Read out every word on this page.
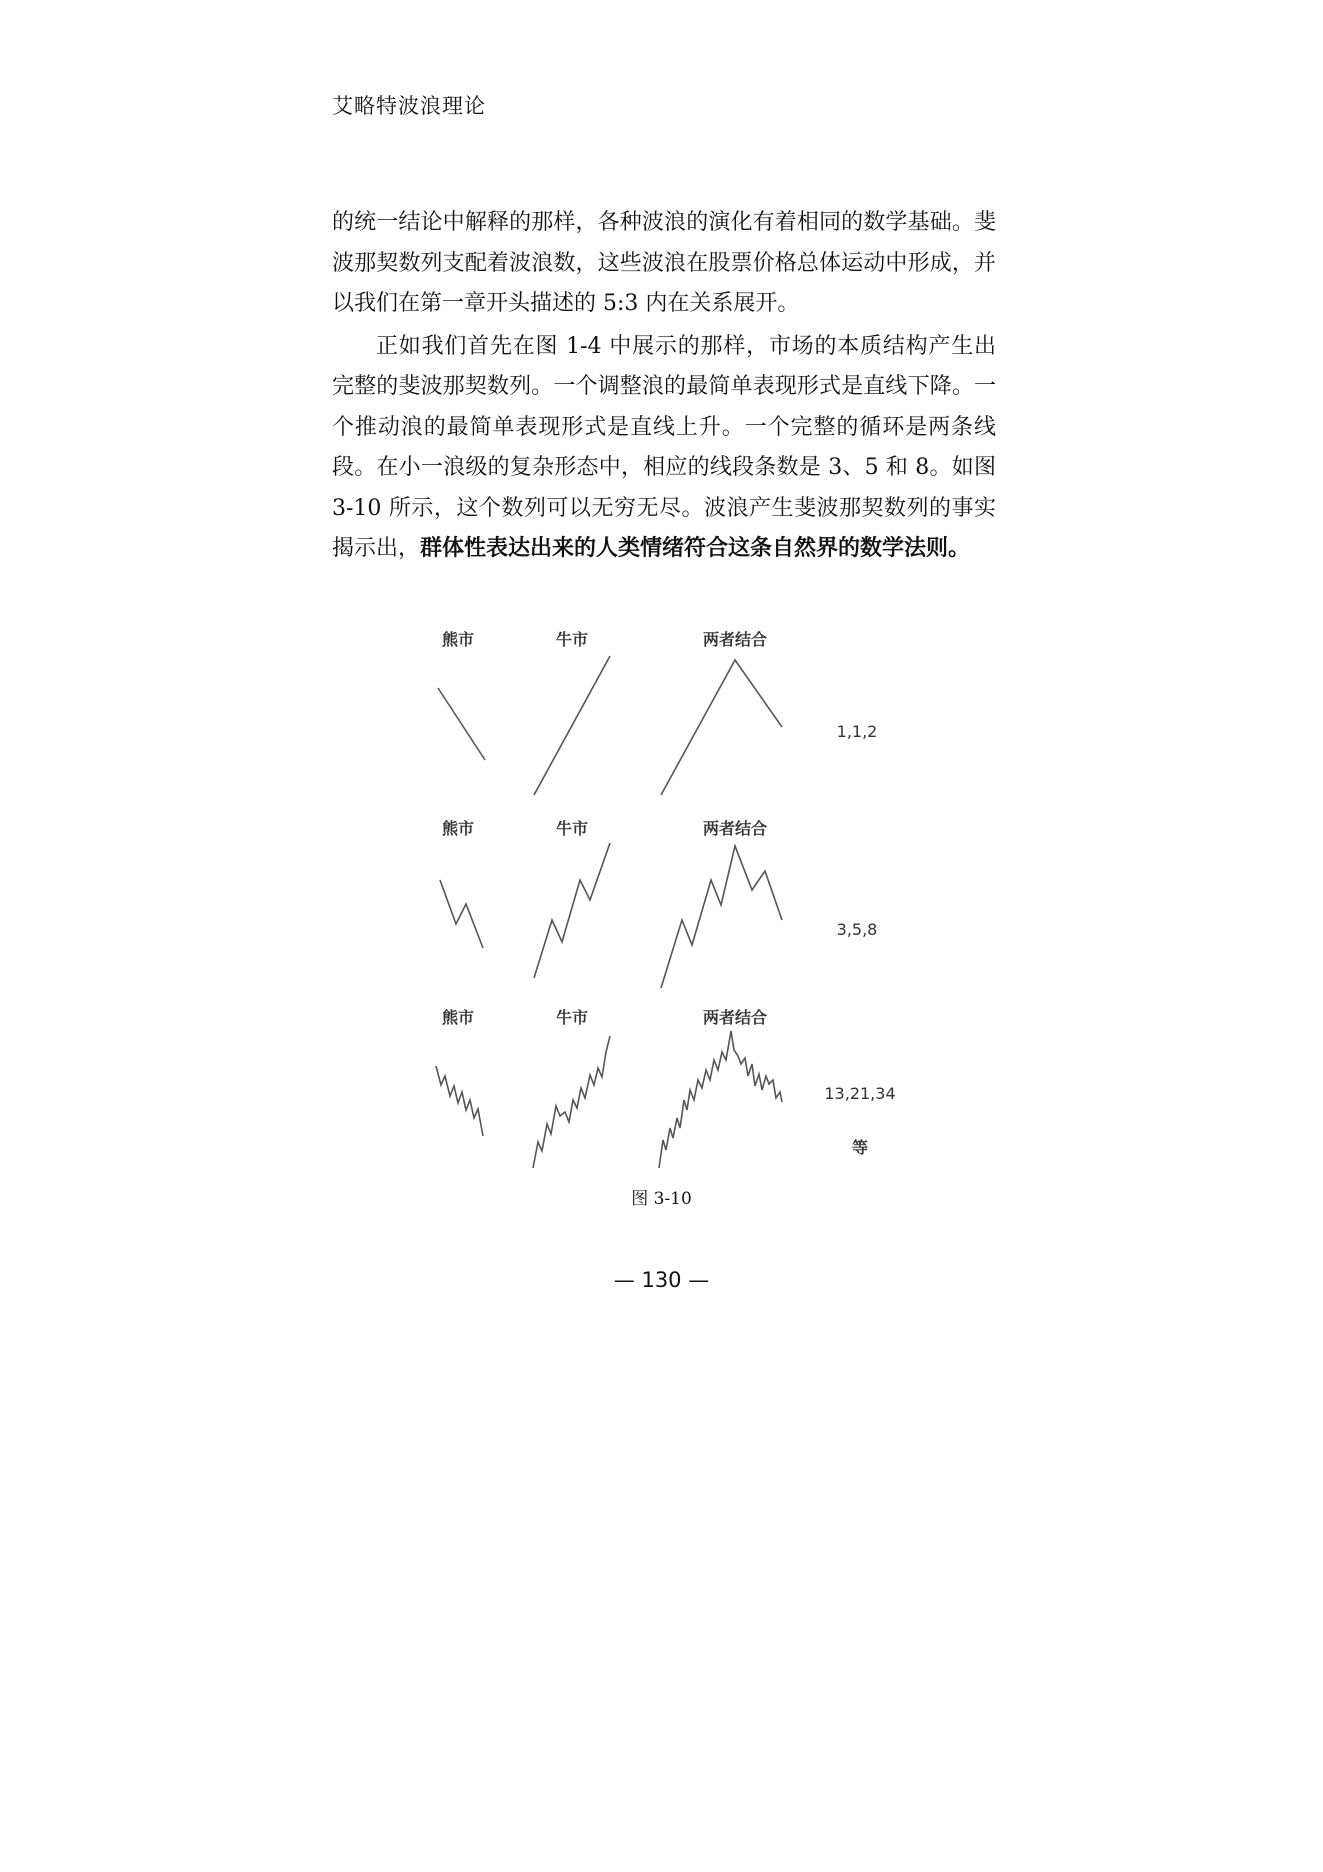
艾略特波浪理论

的统一结论中解释的那样，各种波浪的演化有着相同的数学基础。斐波那契数列支配着波浪数，这些波浪在股票价格总体运动中形成，并以我们在第一章开头描述的 5:3 内在关系展开。

正如我们首先在图 1-4 中展示的那样，市场的本质结构产生出完整的斐波那契数列。一个调整浪的最简单表现形式是直线下降。一个推动浪的最简单表现形式是直线上升。一个完整的循环是两条线段。在小一浪级的复杂形态中，相应的线段条数是 3、5 和 8。如图 3-10 所示，这个数列可以无穷无尽。波浪产生斐波那契数列的事实揭示出，群体性表达出来的人类情绪符合这条自然界的数学法则。

熊市	牛市	两者结合
熊市	牛市	两者结合
熊市	牛市	两者结合
1,1,2
3,5,8
13,21,34
等
图 3-10
— 130 —
